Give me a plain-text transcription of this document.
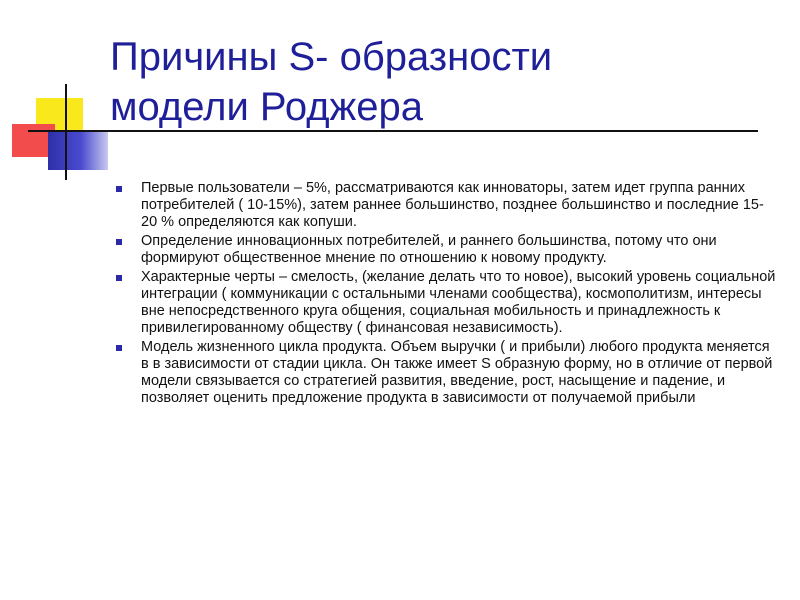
Причины S- образности
модели Роджера
Первые пользователи – 5%, рассматриваются как инноваторы, затем идет группа ранних потребителей ( 10-15%), затем раннее большинство, позднее большинство и последние 15-20 % определяются как копуши.
Определение инновационных потребителей, и раннего большинства, потому что они формируют общественное мнение по отношению к новому продукту.
Характерные черты – смелость, (желание делать что то новое), высокий уровень социальной интеграции ( коммуникации с остальными членами сообщества), космополитизм, интересы вне непосредственного круга общения, социальная мобильность и принадлежность к привилегированному обществу ( финансовая независимость).
Модель жизненного цикла продукта. Объем выручки ( и прибыли) любого продукта меняется в в зависимости от стадии цикла. Он также имеет S образную форму, но в отличие от первой модели связывается со стратегией развития, введение, рост, насыщение и падение, и позволяет оценить предложение продукта в зависимости от получаемой прибыли
